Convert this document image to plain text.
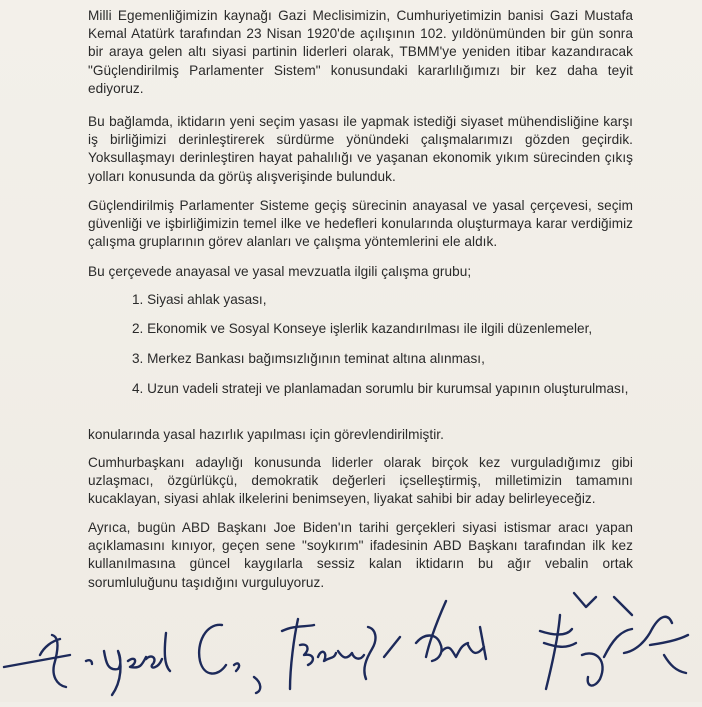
Milli Egemenliğimizin kaynağı Gazi Meclisimizin, Cumhuriyetimizin banisi Gazi Mustafa Kemal Atatürk tarafından 23 Nisan 1920'de açılışının 102. yıldönümünden bir gün sonra bir araya gelen altı siyasi partinin liderleri olarak, TBMM'ye yeniden itibar kazandıracak "Güçlendirilmiş Parlamenter Sistem" konusundaki kararlılığımızı bir kez daha teyit ediyoruz.
Bu bağlamda, iktidarın yeni seçim yasası ile yapmak istediği siyaset mühendisliğine karşı iş birliğimizi derinleştirerek sürdürme yönündeki çalışmalarımızı gözden geçirdik. Yoksullaşmayı derinleştiren hayat pahalılığı ve yaşanan ekonomik yıkım sürecinden çıkış yolları konusunda da görüş alışverişinde bulunduk.
Güçlendirilmiş Parlamenter Sisteme geçiş sürecinin anayasal ve yasal çerçevesi, seçim güvenliği ve işbirliğimizin temel ilke ve hedefleri konularında oluşturmaya karar verdiğimiz çalışma gruplarının görev alanları ve çalışma yöntemlerini ele aldık.
Bu çerçevede anayasal ve yasal mevzuatla ilgili çalışma grubu;
1. Siyasi ahlak yasası,
2. Ekonomik ve Sosyal Konseye işlerlik kazandırılması ile ilgili düzenlemeler,
3. Merkez Bankası bağımsızlığının teminat altına alınması,
4. Uzun vadeli strateji ve planlamadan sorumlu bir kurumsal yapının oluşturulması,
konularında yasal hazırlık yapılması için görevlendirilmiştir.
Cumhurbaşkanı adaylığı konusunda liderler olarak birçok kez vurguladığımız gibi uzlaşmacı, özgürlükçü, demokratik değerleri içselleştirmiş, milletimizin tamamını kucaklayan, siyasi ahlak ilkelerini benimseyen, liyakat sahibi bir aday belirleyeceğiz.
Ayrıca, bugün ABD Başkanı Joe Biden'ın tarihi gerçekleri siyasi istismar aracı yapan açıklamasını kınıyor, geçen sene "soykırım" ifadesinin ABD Başkanı tarafından ilk kez kullanılmasına güncel kaygılarla sessiz kalan iktidarın bu ağır vebalin ortak sorumluluğunu taşıdığını vurguluyoruz.
